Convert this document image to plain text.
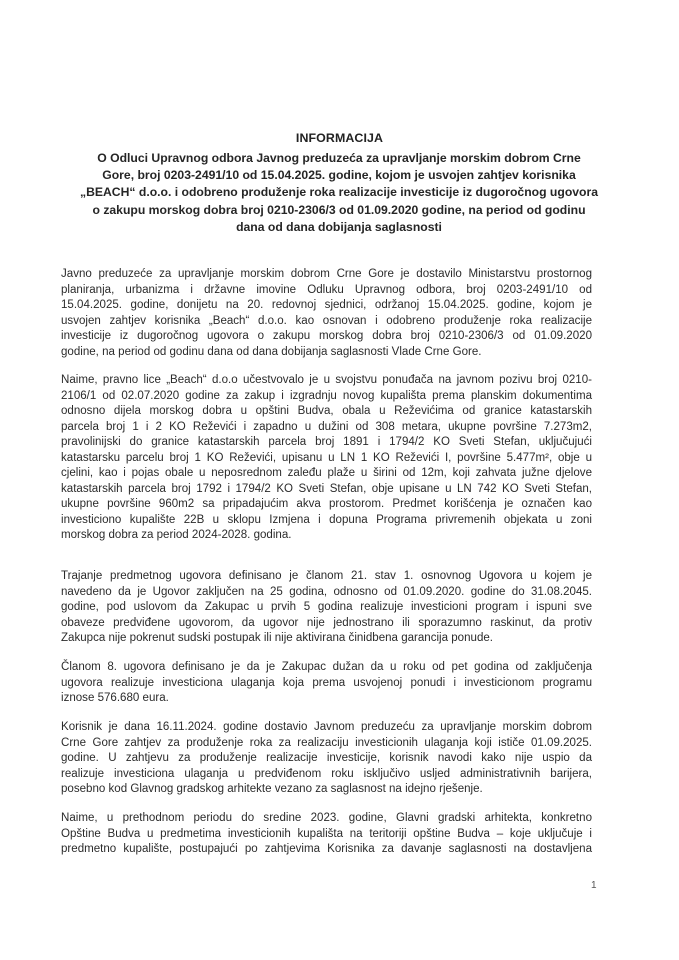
INFORMACIJA
O Odluci Upravnog odbora Javnog preduzeća za upravljanje morskim dobrom Crne
Gore, broj 0203-2491/10 od 15.04.2025. godine, kojom je usvojen zahtjev korisnika
„BEACH“ d.o.o. i odobreno produženje roka realizacije investicije iz dugoročnog ugovora
o zakupu morskog dobra broj 0210-2306/3 od 01.09.2020 godine, na period od godinu
dana od dana dobijanja saglasnosti
Javno preduzeće za upravljanje morskim dobrom Crne Gore je dostavilo Ministarstvu prostornog
planiranja, urbanizma i državne imovine Odluku Upravnog odbora, broj 0203-2491/10 od
15.04.2025. godine, donijetu na 20. redovnoj sjednici, održanoj 15.04.2025. godine, kojom je
usvojen zahtjev korisnika „Beach“ d.o.o. kao osnovan i odobreno produženje roka realizacije
investicije iz dugoročnog ugovora o zakupu morskog dobra broj 0210-2306/3 od 01.09.2020
godine, na period od godinu dana od dana dobijanja saglasnosti Vlade Crne Gore.
Naime, pravno lice „Beach“ d.o.o učestvovalo je u svojstvu ponuđača na javnom pozivu broj 0210-
2106/1 od 02.07.2020 godine za zakup i izgradnju novog kupališta prema planskim dokumentima
odnosno dijela morskog dobra u opštini Budva, obala u Reževićima od granice katastarskih
parcela broj 1 i 2 KO Reževići i zapadno u dužini od 308 metara, ukupne površine 7.273m2,
pravolinijski do granice katastarskih parcela broj 1891 i 1794/2 KO Sveti Stefan, uključujući
katastarsku parcelu broj 1 KO Reževići, upisanu u LN 1 KO Reževići I, površine 5.477m², obje u
cjelini, kao i pojas obale u neposrednom zaleđu plaže u širini od 12m, koji zahvata južne djelove
katastarskih parcela broj 1792 i 1794/2 KO Sveti Stefan, obje upisane u LN 742 KO Sveti Stefan,
ukupne površine 960m2 sa pripadajućim akva prostorom. Predmet korišćenja je označen kao
investiciono kupalište 22B u sklopu Izmjena i dopuna Programa privremenih objekata u zoni
morskog dobra za period 2024-2028. godina.
Trajanje predmetnog ugovora definisano je članom 21. stav 1. osnovnog Ugovora u kojem je
navedeno da je Ugovor zaključen na 25 godina, odnosno od 01.09.2020. godine do 31.08.2045.
godine, pod uslovom da Zakupac u prvih 5 godina realizuje investicioni program i ispuni sve
obaveze predviđene ugovorom, da ugovor nije jednostrano ili sporazumno raskinut, da protiv
Zakupca nije pokrenut sudski postupak ili nije aktivirana činidbena garancija ponude.
Članom 8. ugovora definisano je da je Zakupac dužan da u roku od pet godina od zaključenja
ugovora realizuje investiciona ulaganja koja prema usvojenoj ponudi i investicionom programu
iznose 576.680 eura.
Korisnik je dana 16.11.2024. godine dostavio Javnom preduzeću za upravljanje morskim dobrom
Crne Gore zahtjev za produženje roka za realizaciju investicionih ulaganja koji ističe 01.09.2025.
godine. U zahtjevu za produženje realizacije investicije, korisnik navodi kako nije uspio da
realizuje investiciona ulaganja u predviđenom roku isključivo usljed administrativnih barijera,
posebno kod Glavnog gradskog arhitekte vezano za saglasnost na idejno rješenje.
Naime, u prethodnom periodu do sredine 2023. godine, Glavni gradski arhitekta, konkretno
Opštine Budva u predmetima investicionih kupališta na teritoriji opštine Budva – koje uključuje i
predmetno kupalište, postupajući po zahtjevima Korisnika za davanje saglasnosti na dostavljena
1
